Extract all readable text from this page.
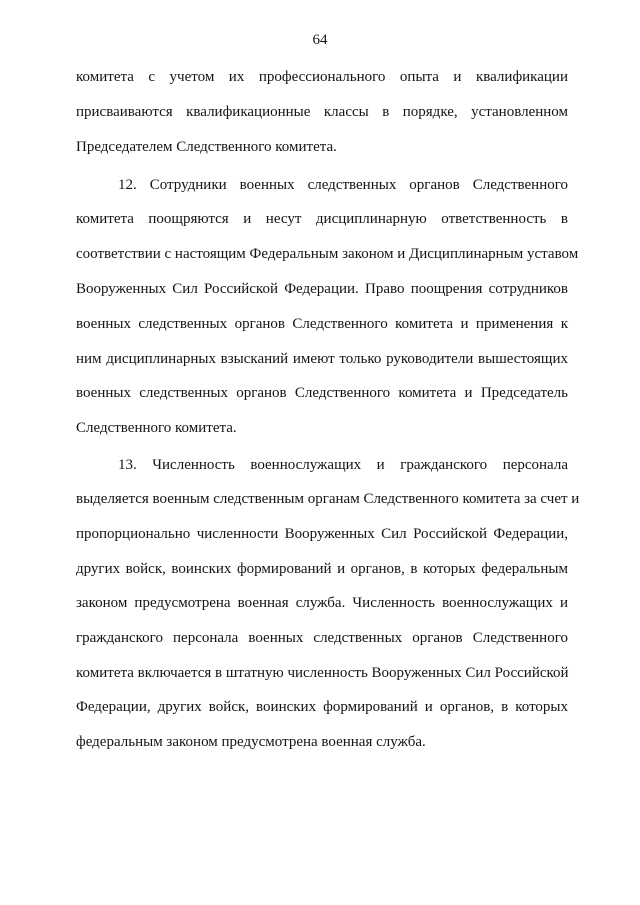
64
комитета с учетом их профессионального опыта и квалификации
присваиваются квалификационные классы в порядке, установленном
Председателем Следственного комитета.
12. Сотрудники военных следственных органов Следственного
комитета поощряются и несут дисциплинарную ответственность в
соответствии с настоящим Федеральным законом и Дисциплинарным уставом
Вооруженных Сил Российской Федерации. Право поощрения сотрудников
военных следственных органов Следственного комитета и применения к
ним дисциплинарных взысканий имеют только руководители вышестоящих
военных следственных органов Следственного комитета и Председатель
Следственного комитета.
13. Численность военнослужащих и гражданского персонала
выделяется военным следственным органам Следственного комитета за счет и
пропорционально численности Вооруженных Сил Российской Федерации,
других войск, воинских формирований и органов, в которых федеральным
законом предусмотрена военная служба. Численность военнослужащих и
гражданского персонала военных следственных органов Следственного
комитета включается в штатную численность Вооруженных Сил Российской
Федерации, других войск, воинских формирований и органов, в которых
федеральным законом предусмотрена военная служба.
